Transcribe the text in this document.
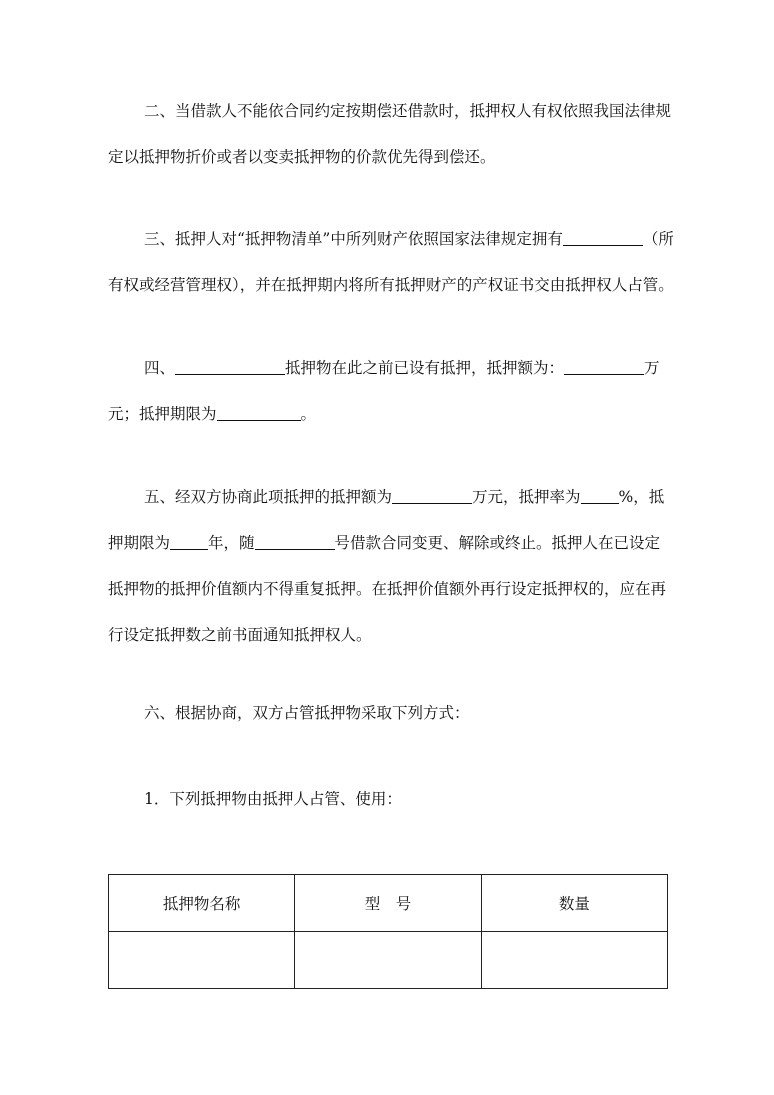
二、当借款人不能依合同约定按期偿还借款时，抵押权人有权依照我国法律规
定以抵押物折价或者以变卖抵押物的价款优先得到偿还。

三、抵押人对“抵押物清单”中所列财产依照国家法律规定拥有	（所
有权或经营管理权），并在抵押期内将所有抵押财产的产权证书交由抵押权人占管。

四、	抵押物在此之前已设有抵押，抵押额为：	万
元；抵押期限为	。

五、经双方协商此项抵押的抵押额为	万元，抵押率为 %，抵
押期限为 年，随	号借款合同变更、解除或终止。抵押人在已设定
抵押物的抵押价值额内不得重复抵押。在抵押价值额外再行设定抵押权的，应在再
行设定抵押数之前书面通知抵押权人。

六、根据协商，双方占管抵押物采取下列方式：

1．下列抵押物由抵押人占管、使用：

抵押物名称	型　号	数量
